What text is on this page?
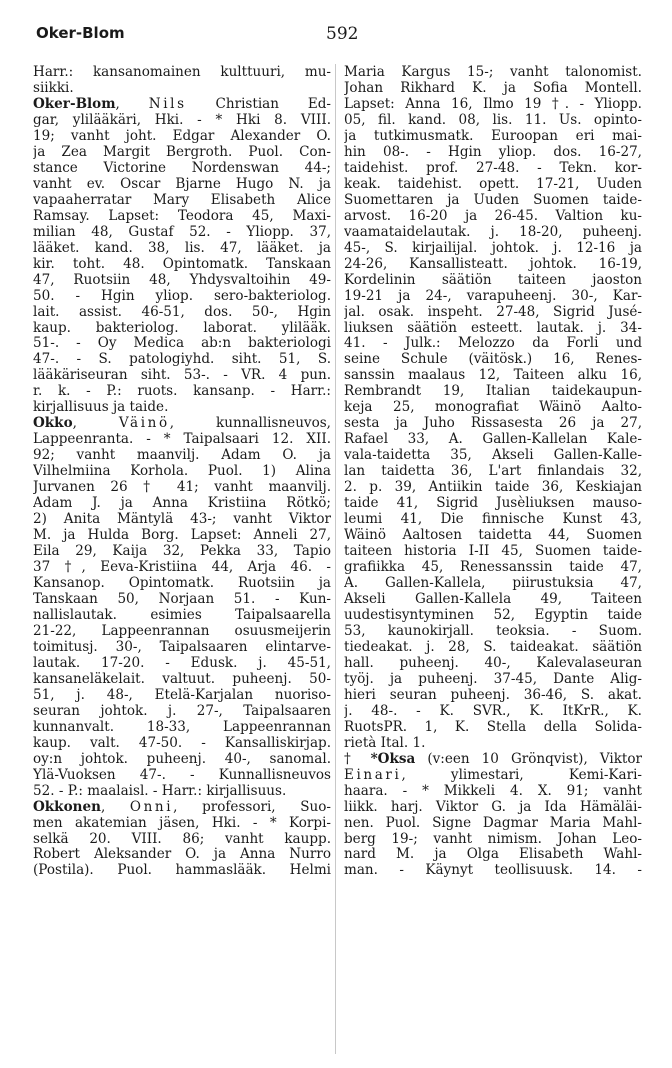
Oker-Blom	592
Harr.: kansanomainen kulttuuri, mu-
siikki.
Oker-Blom, Nils Christian Ed-
gar, ylilääkäri, Hki. - * Hki 8. VIII.
19; vanht joht. Edgar Alexander O.
ja Zea Margit Bergroth. Puol. Con-
stance Victorine Nordenswan 44-;
vanht ev. Oscar Bjarne Hugo N. ja
vapaaherratar Mary Elisabeth Alice
Ramsay. Lapset: Teodora 45, Maxi-
milian 48, Gustaf 52. - Yliopp. 37,
lääket. kand. 38, lis. 47, lääket. ja
kir. toht. 48. Opintomatk. Tanskaan
47, Ruotsiin 48, Yhdysvaltoihin 49-
50. - Hgin yliop. sero-bakteriolog.
lait. assist. 46-51, dos. 50-, Hgin
kaup. bakteriolog. laborat. ylilääk.
51-. - Oy Medica ab:n bakteriologi
47-. - S. patologiyhd. siht. 51, S.
lääkäriseuran siht. 53-. - VR. 4 pun.
r. k. - P.: ruots. kansanp. - Harr.:
kirjallisuus ja taide.
Okko, Väinö, kunnallisneuvos,
Lappeenranta. - * Taipalsaari 12. XII.
92; vanht maanvilj. Adam O. ja
Vilhelmiina Korhola. Puol. 1) Alina
Jurvanen 26 † 41; vanht maanvilj.
Adam J. ja Anna Kristiina Rötkö;
2) Anita Mäntylä 43-; vanht Viktor
M. ja Hulda Borg. Lapset: Anneli 27,
Eila 29, Kaija 32, Pekka 33, Tapio
37 †, Eeva-Kristiina 44, Arja 46. -
Kansanop. Opintomatk. Ruotsiin ja
Tanskaan 50, Norjaan 51. - Kun-
nallislautak. esimies Taipalsaarella
21-22, Lappeenrannan osuusmeijerin
toimitusj. 30-, Taipalsaaren elintarve-
lautak. 17-20. - Edusk. j. 45-51,
kansaneläkelait. valtuut. puheenj. 50-
51, j. 48-, Etelä-Karjalan nuoriso-
seuran johtok. j. 27-, Taipalsaaren
kunnanvalt. 18-33, Lappeenrannan
kaup. valt. 47-50. - Kansalliskirjap.
oy:n johtok. puheenj. 40-, sanomal.
Ylä-Vuoksen 47-. - Kunnallisneuvos
52. - P.: maalaisl. - Harr.: kirjallisuus.
Okkonen, Onni, professori, Suo-
men akatemian jäsen, Hki. - * Korpi-
selkä 20. VIII. 86; vanht kaupp.
Robert Aleksander O. ja Anna Nurro
(Postila). Puol. hammaslääk. Helmi
Maria Kargus 15-; vanht talonomist.
Johan Rikhard K. ja Sofia Montell.
Lapset: Anna 16, Ilmo 19 †. - Yliopp.
05, fil. kand. 08, lis. 11. Us. opinto-
ja tutkimusmatk. Euroopan eri mai-
hin 08-. - Hgin yliop. dos. 16-27,
taidehist. prof. 27-48. - Tekn. kor-
keak. taidehist. opett. 17-21, Uuden
Suomettaren ja Uuden Suomen taide-
arvost. 16-20 ja 26-45. Valtion ku-
vaamataidelautak. j. 18-20, puheenj.
45-, S. kirjailijal. johtok. j. 12-16 ja
24-26, Kansallisteatt. johtok. 16-19,
Kordelinin säätiön taiteen jaoston
19-21 ja 24-, varapuheenj. 30-, Kar-
jal. osak. inspeht. 27-48, Sigrid Jusé-
liuksen säätiön esteett. lautak. j. 34-
41. - Julk.: Melozzo da Forli und
seine Schule (väitösk.) 16, Renes-
sanssin maalaus 12, Taiteen alku 16,
Rembrandt 19, Italian taidekaupun-
keja 25, monografiat Wäinö Aalto-
sesta ja Juho Rissasesta 26 ja 27,
Rafael 33, A. Gallen-Kallelan Kale-
vala-taidetta 35, Akseli Gallen-Kalle-
lan taidetta 36, L'art finlandais 32,
2. p. 39, Antiikin taide 36, Keskiajan
taide 41, Sigrid Jusèliuksen mauso-
leumi 41, Die finnische Kunst 43,
Wäinö Aaltosen taidetta 44, Suomen
taiteen historia I-II 45, Suomen taide-
grafiikka 45, Renessanssin taide 47,
A. Gallen-Kallela, piirustuksia 47,
Akseli Gallen-Kallela 49, Taiteen
uudestisyntyminen 52, Egyptin taide
53, kaunokirjall. teoksia. - Suom.
tiedeakat. j. 28, S. taideakat. säätiön
hall. puheenj. 40-, Kalevalaseuran
työj. ja puheenj. 37-45, Dante Alig-
hieri seuran puheenj. 36-46, S. akat.
j. 48-. - K. SVR., K. ItKrR., K.
RuotsPR. 1, K. Stella della Solida-
rietà Ital. 1.
† *Oksa (v:een 10 Grönqvist), Viktor
Einari, ylimestari, Kemi-Kari-
haara. - * Mikkeli 4. X. 91; vanht
liikk. harj. Viktor G. ja Ida Hämäläi-
nen. Puol. Signe Dagmar Maria Mahl-
berg 19-; vanht nimism. Johan Leo-
nard M. ja Olga Elisabeth Wahl-
man. - Käynyt teollisuusk. 14. -
